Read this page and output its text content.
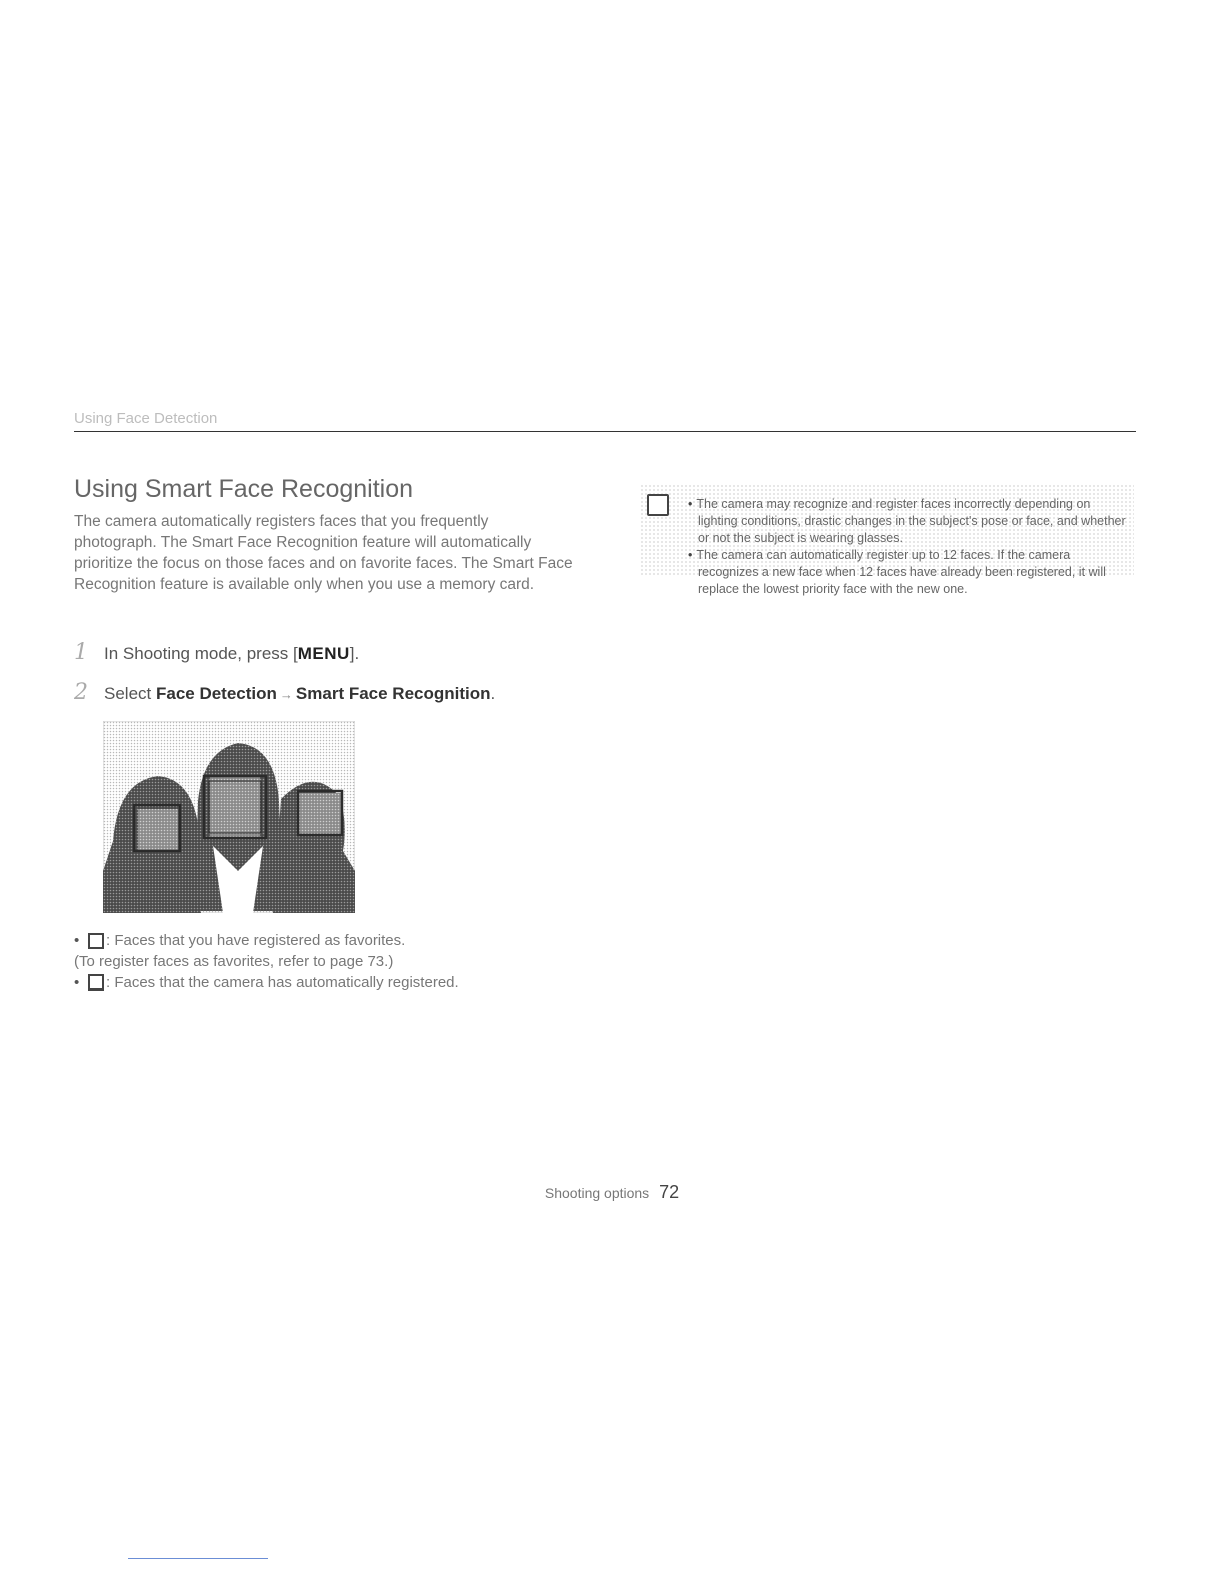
Using Face Detection
Using Smart Face Recognition

The camera automatically registers faces that you frequently photograph. The Smart Face Recognition feature will automatically prioritize the focus on those faces and on favorite faces. The Smart Face Recognition feature is available only when you use a memory card.

1 In Shooting mode, press [MENU].
2 Select Face Detection → Smart Face Recognition.
•	: Faces that you have registered as favorites.
(To register faces as favorites, refer to page 73.)
•	: Faces that the camera has automatically registered.
• The camera may recognize and register faces incorrectly depending on lighting conditions, drastic changes in the subject's pose or face, and whether or not the subject is wearing glasses.
• The camera can automatically register up to 12 faces. If the camera recognizes a new face when 12 faces have already been registered, it will replace the lowest priority face with the new one.
Shooting options 72
